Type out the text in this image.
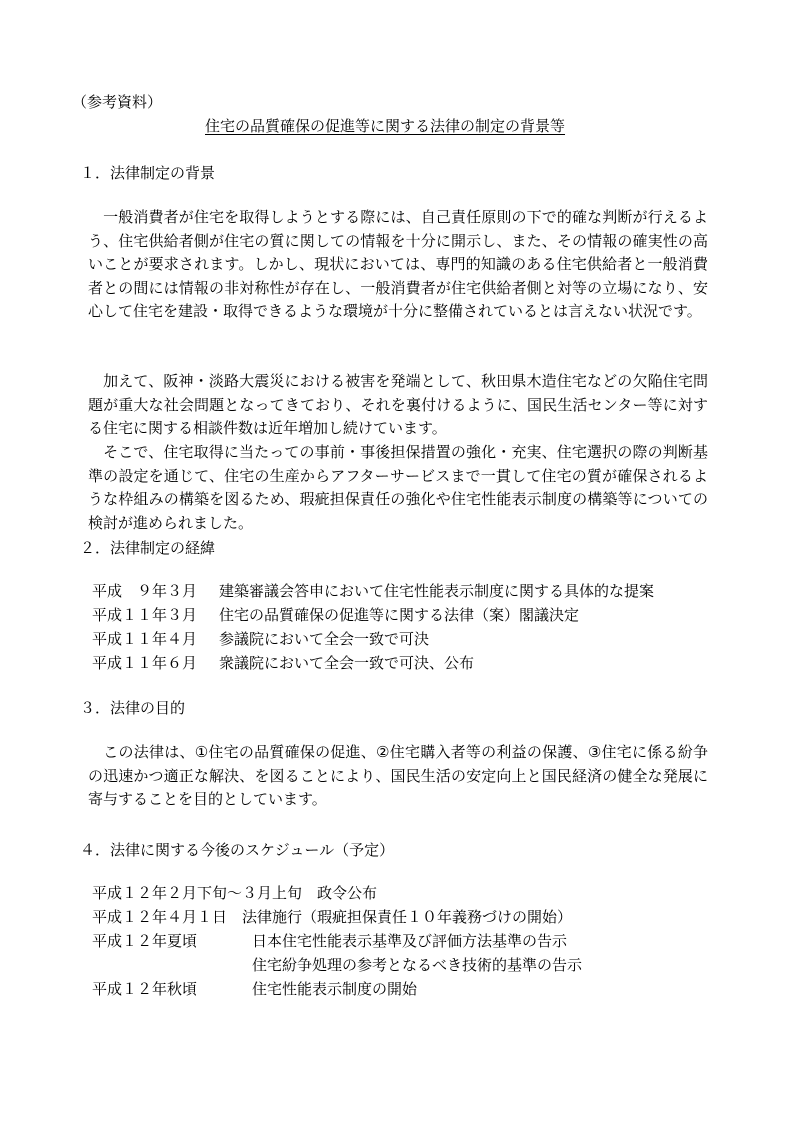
（参考資料）
住宅の品質確保の促進等に関する法律の制定の背景等
１．法律制定の背景
　一般消費者が住宅を取得しようとする際には、自己責任原則の下で的確な判断が行えるよう、住宅供給者側が住宅の質に関しての情報を十分に開示し、また、その情報の確実性の高いことが要求されます。しかし、現状においては、専門的知識のある住宅供給者と一般消費者との間には情報の非対称性が存在し、一般消費者が住宅供給者側と対等の立場になり、安心して住宅を建設・取得できるような環境が十分に整備されているとは言えない状況です。
　加えて、阪神・淡路大震災における被害を発端として、秋田県木造住宅などの欠陥住宅問題が重大な社会問題となってきており、それを裏付けるように、国民生活センター等に対する住宅に関する相談件数は近年増加し続けています。
　そこで、住宅取得に当たっての事前・事後担保措置の強化・充実、住宅選択の際の判断基準の設定を通じて、住宅の生産からアフターサービスまで一貫して住宅の質が確保されるような枠組みの構築を図るため、瑕疵担保責任の強化や住宅性能表示制度の構築等についての検討が進められました。
２．法律制定の経緯
平成　９年３月 建築審議会答申において住宅性能表示制度に関する具体的な提案
平成１１年３月 住宅の品質確保の促進等に関する法律（案）閣議決定
平成１１年４月 参議院において全会一致で可決
平成１１年６月 衆議院において全会一致で可決、公布
３．法律の目的
　この法律は、①住宅の品質確保の促進、②住宅購入者等の利益の保護、③住宅に係る紛争の迅速かつ適正な解決、を図ることにより、国民生活の安定向上と国民経済の健全な発展に寄与することを目的としています。
４．法律に関する今後のスケジュール（予定）
平成１２年２月下旬～３月上旬　政令公布
平成１２年４月１日　法律施行（瑕疵担保責任１０年義務づけの開始）
平成１２年夏頃	日本住宅性能表示基準及び評価方法基準の告示
住宅紛争処理の参考となるべき技術的基準の告示
平成１２年秋頃	住宅性能表示制度の開始
